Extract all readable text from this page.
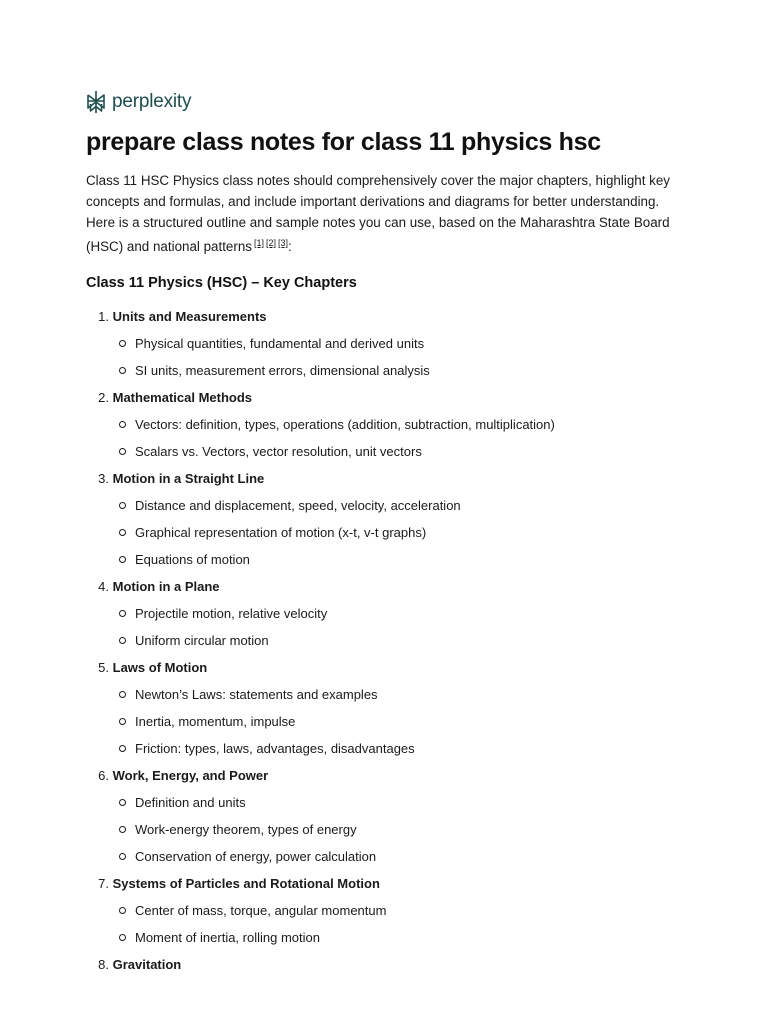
perplexity
prepare class notes for class 11 physics hsc

Class 11 HSC Physics class notes should comprehensively cover the major chapters, highlight key concepts and formulas, and include important derivations and diagrams for better understanding. Here is a structured outline and sample notes you can use, based on the Maharashtra State Board (HSC) and national patterns [1] [2] [3]:

Class 11 Physics (HSC) – Key Chapters
1.
Units and Measurements
Physical quantities, fundamental and derived units
SI units, measurement errors, dimensional analysis
2.
Mathematical Methods
Vectors: definition, types, operations (addition, subtraction, multiplication)
Scalars vs. Vectors, vector resolution, unit vectors
3.
Motion in a Straight Line
Distance and displacement, speed, velocity, acceleration
Graphical representation of motion (x-t, v-t graphs)
Equations of motion
4.
Motion in a Plane
Projectile motion, relative velocity
Uniform circular motion
5.
Laws of Motion
Newton’s Laws: statements and examples
Inertia, momentum, impulse
Friction: types, laws, advantages, disadvantages
6.
Work, Energy, and Power
Definition and units
Work-energy theorem, types of energy
Conservation of energy, power calculation
7.
Systems of Particles and Rotational Motion
Center of mass, torque, angular momentum
Moment of inertia, rolling motion
8.
Gravitation
